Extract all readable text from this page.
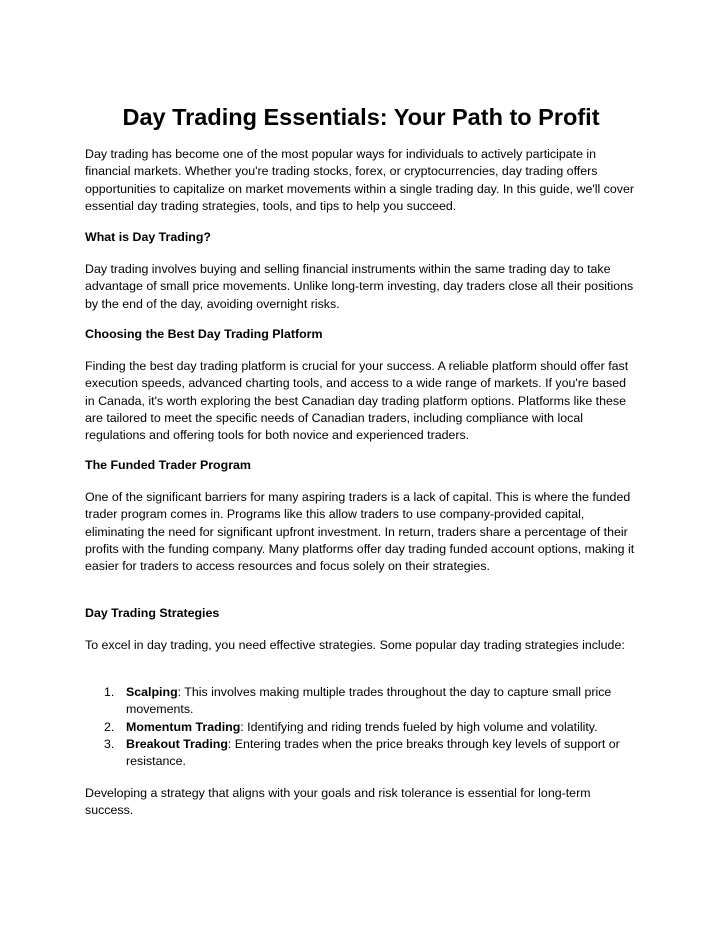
Day Trading Essentials: Your Path to Profit

Day trading has become one of the most popular ways for individuals to actively participate in financial markets. Whether you're trading stocks, forex, or cryptocurrencies, day trading offers opportunities to capitalize on market movements within a single trading day. In this guide, we'll cover essential day trading strategies, tools, and tips to help you succeed.

What is Day Trading?

Day trading involves buying and selling financial instruments within the same trading day to take advantage of small price movements. Unlike long-term investing, day traders close all their positions by the end of the day, avoiding overnight risks.

Choosing the Best Day Trading Platform

Finding the best day trading platform is crucial for your success. A reliable platform should offer fast execution speeds, advanced charting tools, and access to a wide range of markets. If you're based in Canada, it's worth exploring the best Canadian day trading platform options. Platforms like these are tailored to meet the specific needs of Canadian traders, including compliance with local regulations and offering tools for both novice and experienced traders.

The Funded Trader Program

One of the significant barriers for many aspiring traders is a lack of capital. This is where the funded trader program comes in. Programs like this allow traders to use company-provided capital, eliminating the need for significant upfront investment. In return, traders share a percentage of their profits with the funding company. Many platforms offer day trading funded account options, making it easier for traders to access resources and focus solely on their strategies.

Day Trading Strategies

To excel in day trading, you need effective strategies. Some popular day trading strategies include:

1. Scalping: This involves making multiple trades throughout the day to capture small price movements.
2. Momentum Trading: Identifying and riding trends fueled by high volume and volatility.
3. Breakout Trading: Entering trades when the price breaks through key levels of support or resistance.

Developing a strategy that aligns with your goals and risk tolerance is essential for long-term success.
